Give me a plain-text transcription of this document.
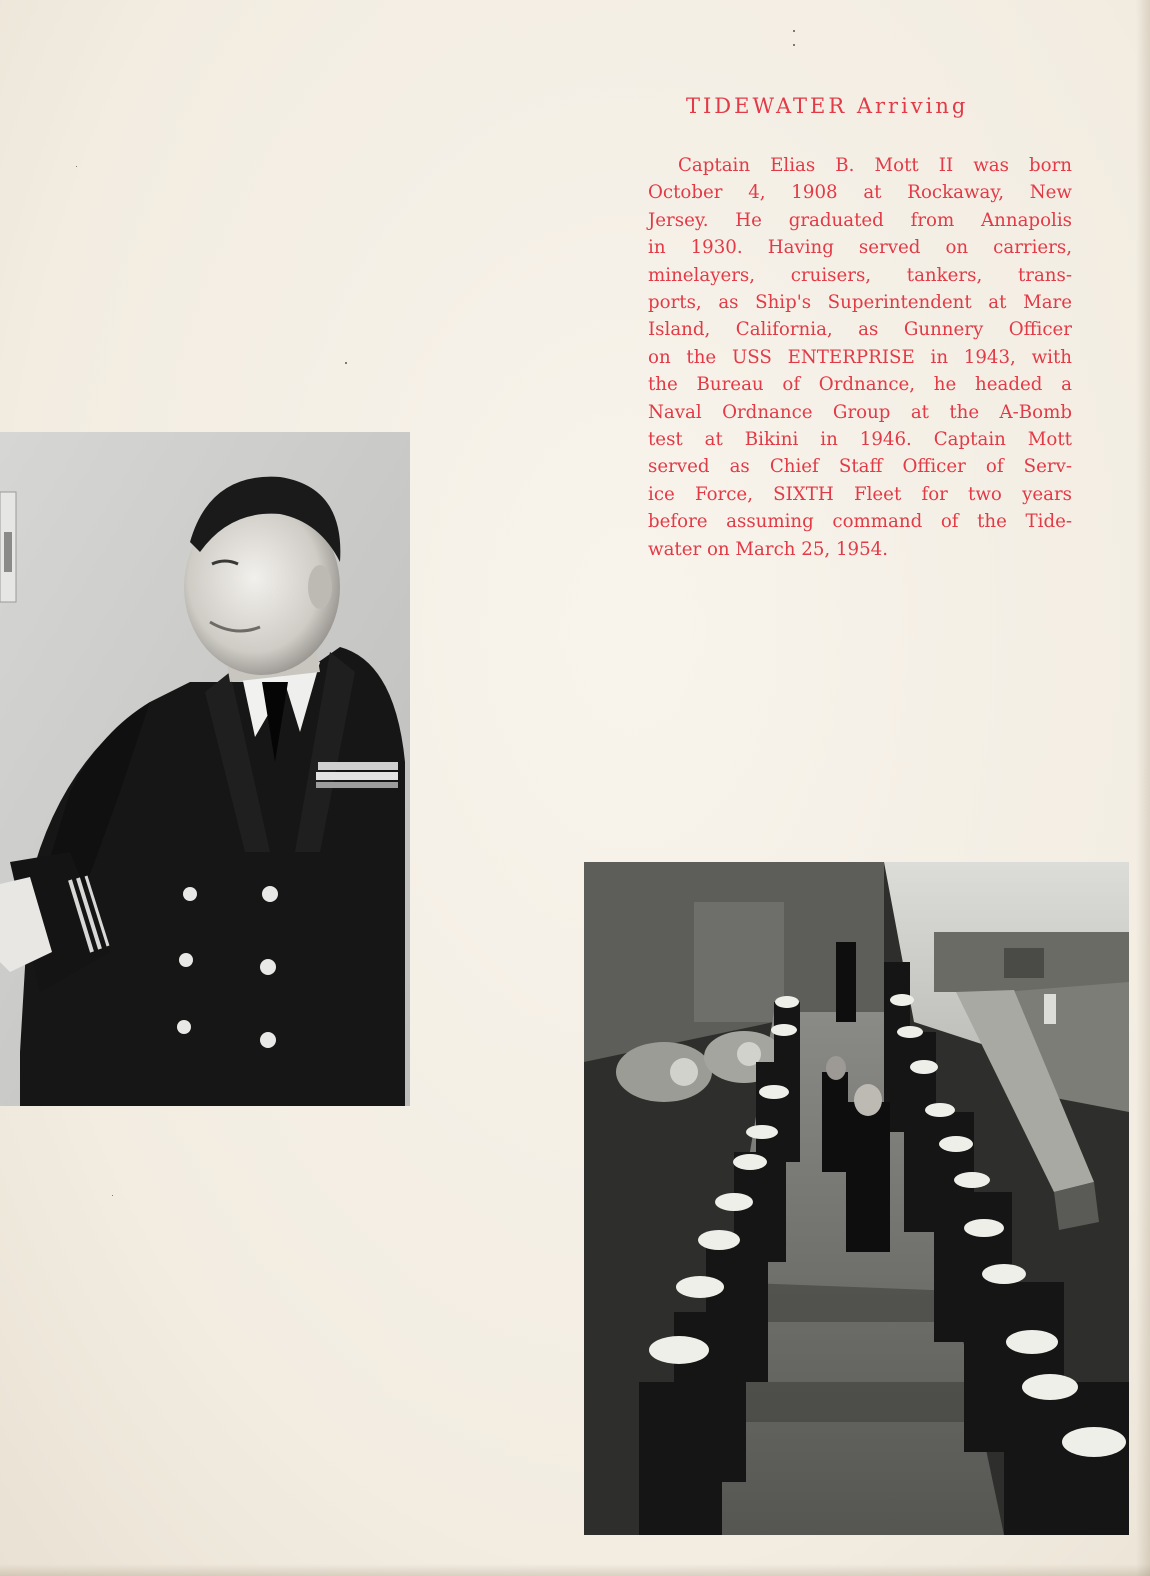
TIDEWATER Arriving
Captain Elias B. Mott II was born
October 4, 1908 at Rockaway, New
Jersey. He graduated from Annapolis
in 1930. Having served on carriers,
minelayers, cruisers, tankers, trans-
ports, as Ship's Superintendent at Mare
Island, California, as Gunnery Officer
on the USS ENTERPRISE in 1943, with
the Bureau of Ordnance, he headed a
Naval Ordnance Group at the A-Bomb
test at Bikini in 1946. Captain Mott
served as Chief Staff Officer of Serv-
ice Force, SIXTH Fleet for two years
before assuming command of the Tide-
water on March 25, 1954.
